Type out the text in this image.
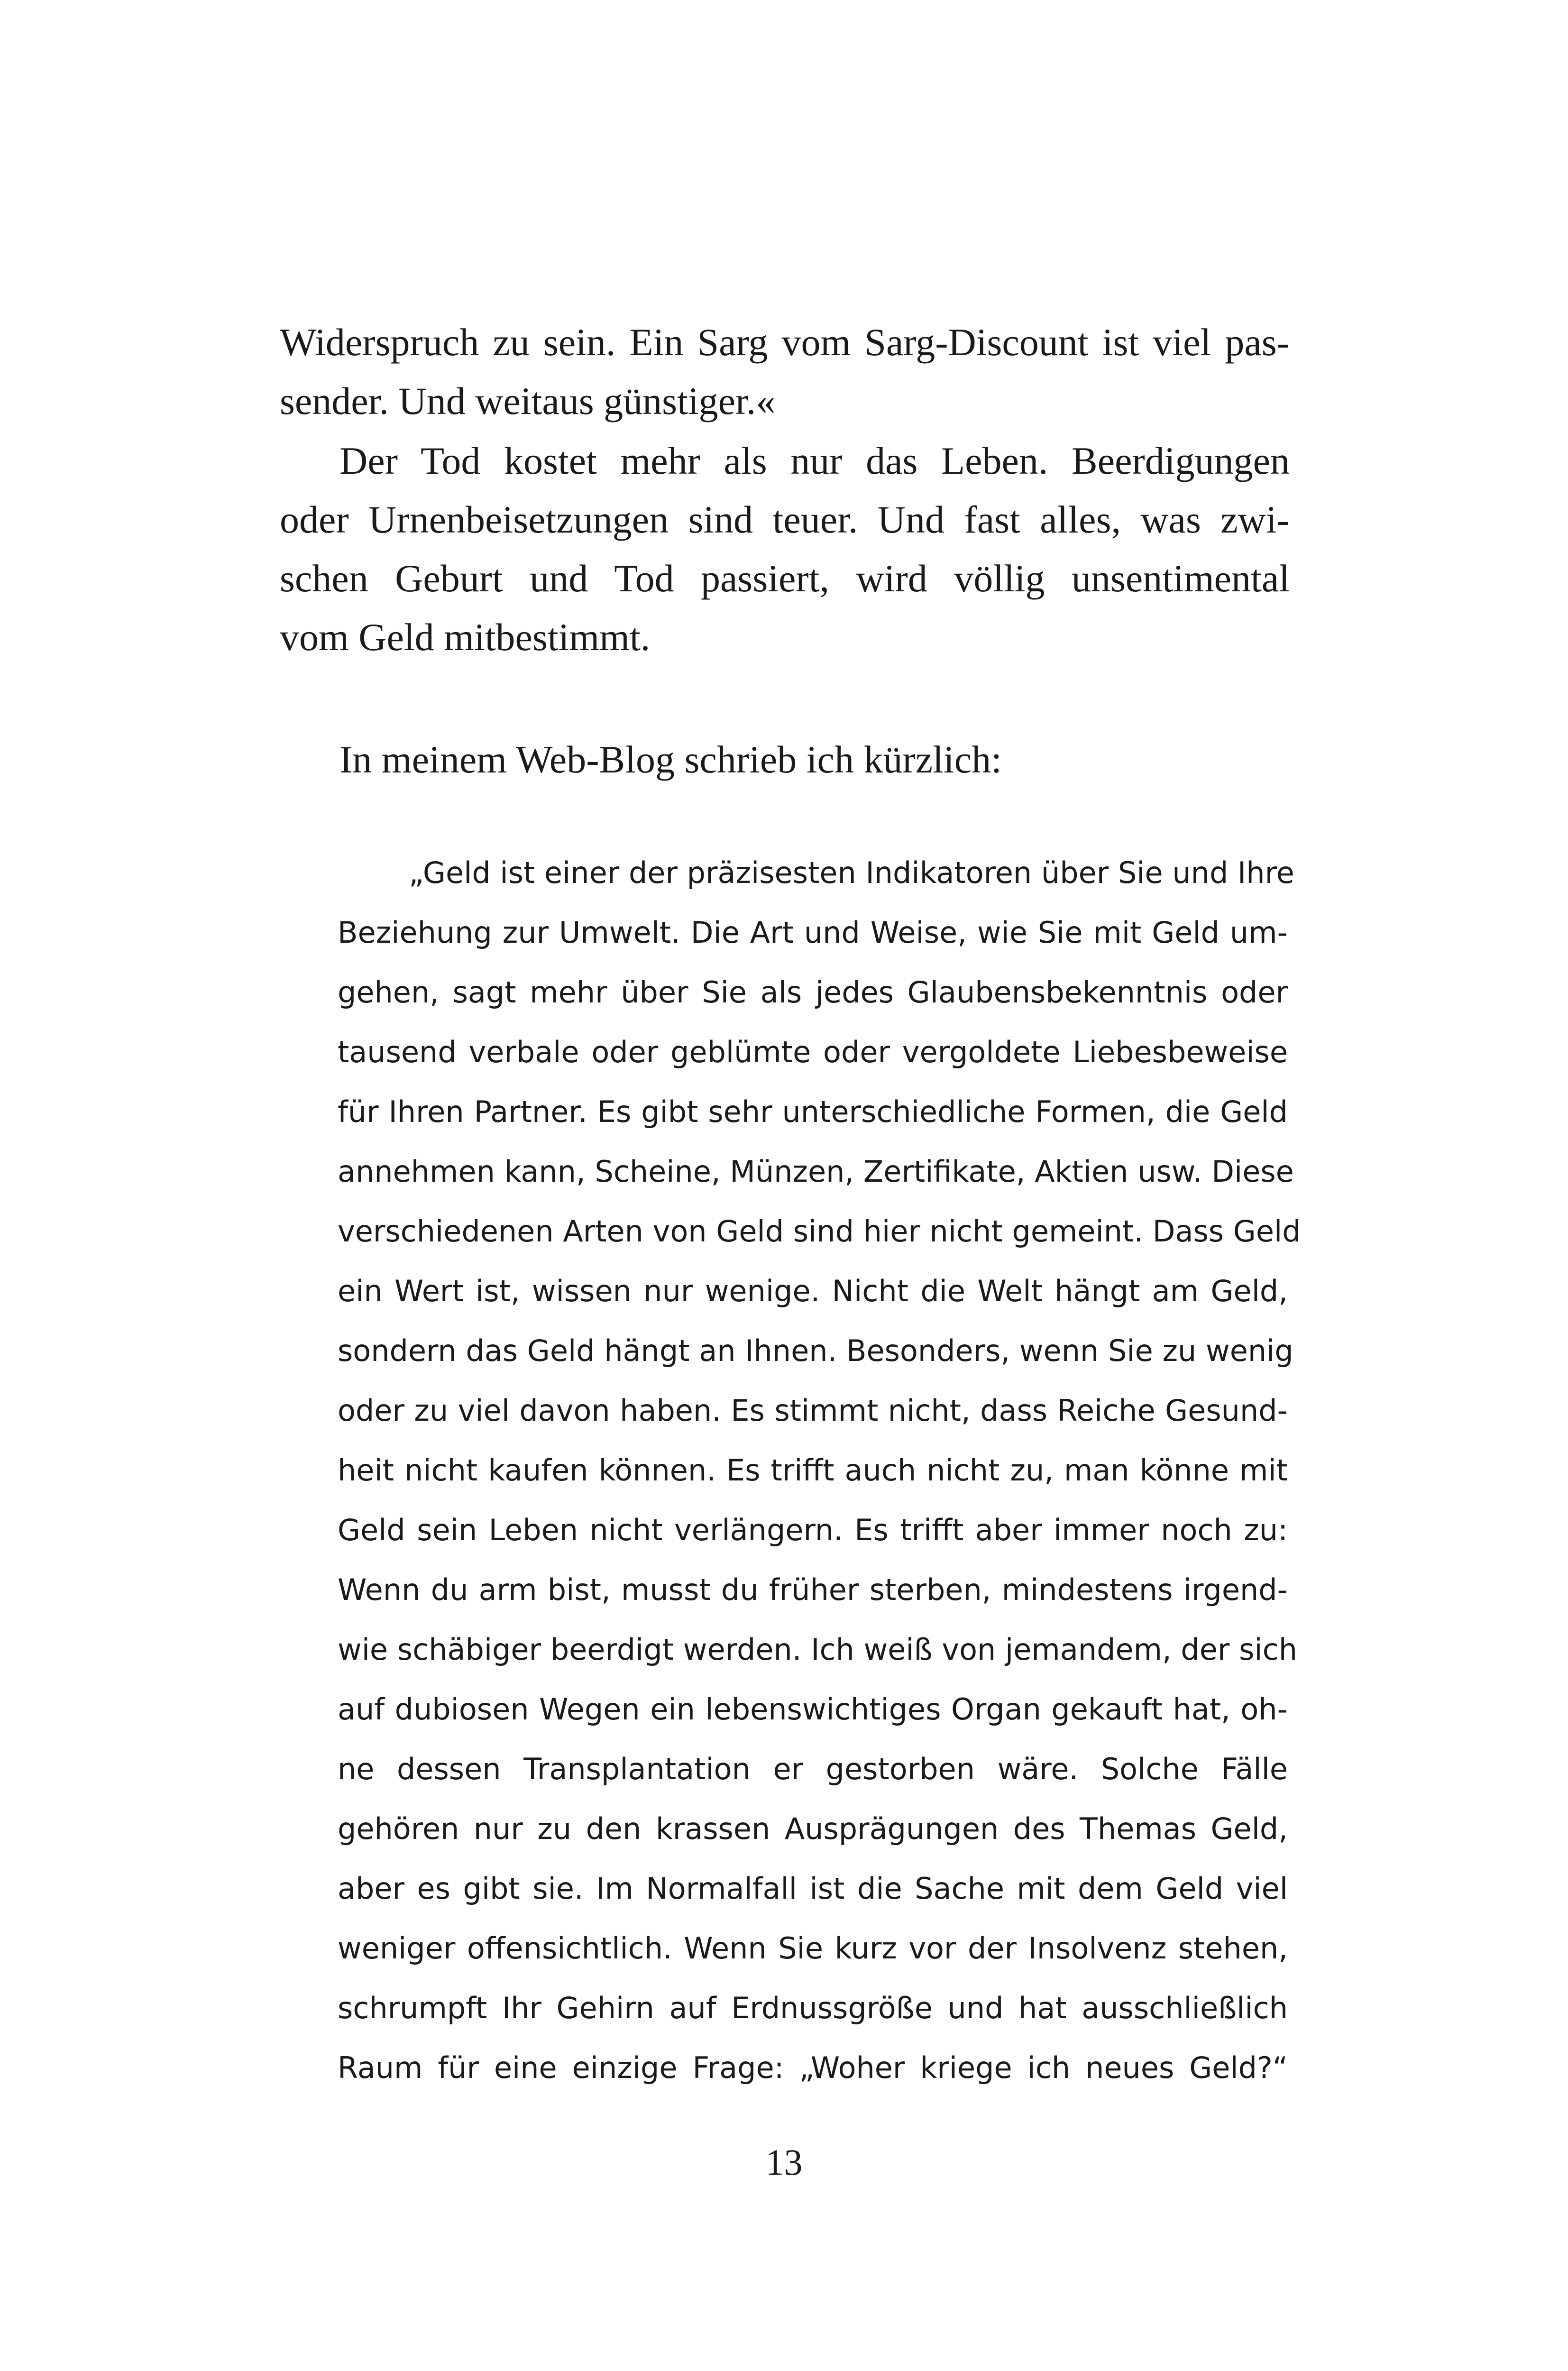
Widerspruch zu sein. Ein Sarg vom Sarg-Discount ist viel pas-
sender. Und weitaus günstiger.«
Der Tod kostet mehr als nur das Leben. Beerdigungen
oder Urnenbeisetzungen sind teuer. Und fast alles, was zwi-
schen Geburt und Tod passiert, wird völlig unsentimental
vom Geld mitbestimmt.
In meinem Web-Blog schrieb ich kürzlich:
„Geld ist einer der präzisesten Indikatoren über Sie und Ihre
Beziehung zur Umwelt. Die Art und Weise, wie Sie mit Geld um-
gehen, sagt mehr über Sie als jedes Glaubensbekenntnis oder
tausend verbale oder geblümte oder vergoldete Liebesbeweise
für Ihren Partner. Es gibt sehr unterschiedliche Formen, die Geld
annehmen kann, Scheine, Münzen, Zertifikate, Aktien usw. Diese
verschiedenen Arten von Geld sind hier nicht gemeint. Dass Geld
ein Wert ist, wissen nur wenige. Nicht die Welt hängt am Geld,
sondern das Geld hängt an Ihnen. Besonders, wenn Sie zu wenig
oder zu viel davon haben. Es stimmt nicht, dass Reiche Gesund-
heit nicht kaufen können. Es trifft auch nicht zu, man könne mit
Geld sein Leben nicht verlängern. Es trifft aber immer noch zu:
Wenn du arm bist, musst du früher sterben, mindestens irgend-
wie schäbiger beerdigt werden. Ich weiß von jemandem, der sich
auf dubiosen Wegen ein lebenswichtiges Organ gekauft hat, oh-
ne dessen Transplantation er gestorben wäre. Solche Fälle
gehören nur zu den krassen Ausprägungen des Themas Geld,
aber es gibt sie. Im Normalfall ist die Sache mit dem Geld viel
weniger offensichtlich. Wenn Sie kurz vor der Insolvenz stehen,
schrumpft Ihr Gehirn auf Erdnussgröße und hat ausschließlich
Raum für eine einzige Frage: „Woher kriege ich neues Geld?“
13
